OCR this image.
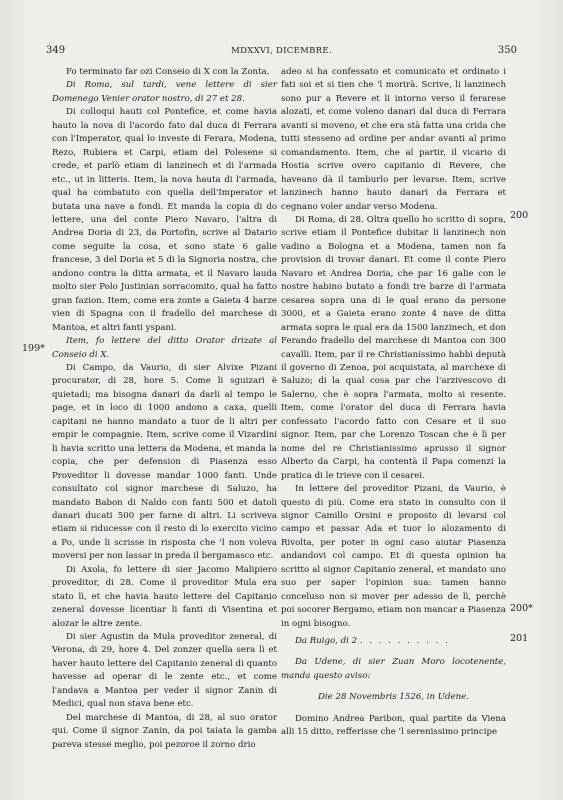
349	MDXXVI, DICEMBRE.	350
199*
200
200*
201

Fo terminato far ozi Conseio di X con la Zonta.

Di Roma, sul tardi, vene lettere di sier Domenego Venier orator nostro, di 27 et 28.

Di colloqui hauti col Pontefice, et come havia hauto la nova di l'acordo fato dal duca di Ferrara con l'Imperator, qual lo investe di Ferara, Modena, Rezo, Rubiera et Carpi, etiam del Polesene si crede, et parlò etiam di lanzinech et di l'armada etc., ut in litteris. Item, la nova hauta di l'armada, qual ha combatuto con quella dell'Imperator et butata una nave a fondi. Et manda la copia di do lettere, una del conte Piero Navaro, l'altra di Andrea Doria di 23, da Portofin, scrive al Datario come seguite la cosa, et sono state 6 galie francese, 3 del Doria et 5 di la Signoria nostra, che andono contra la ditta armata, et il Navaro lauda molto sier Polo Justinian sorracomito, qual ha fatto gran fazion. Item, come era zonte a Gaieta 4 barze vien di Spagna con il fradello del marchese di Mantoa, et altri fanti yspani.

Item, fo lettere del ditto Orator drizate al Conseio di X.

Di Campo, da Vaurio, di sier Alvixe Pizani procurator, di 28, hore 5. Come li sguizari è quietadi; ma bisogna danari da darli al tempo le page, et in loco di 1000 andono a caxa, quelli capitani ne hanno mandato a tuor de li altri per empir le compagnie. Item, scrive come il Vizardini li havia scritto una lettera da Modena, et manda la copia, che per defension di Piasenza esso Proveditor li dovesse mandar 1000 fanti. Unde consultato col signor marchese di Saluzo, ha mandato Babon di Naldo con fanti 500 et datoli danari ducati 500 per farne di altri. Li scriveva etiam si riducesse con il resto di lo exercito vicino a Po, unde li scrisse in risposta che 'l non voleva moversi per non lassar in preda il bergamasco etc.

Di Axola, fo lettere di sier Jacomo Malipiero proveditor, di 28. Come il proveditor Mula era stato lì, et che havia hauto lettere del Capitanio zeneral dovesse licentiar li fanti di Visentina et alozar le altre zente.

Di sier Agustin da Mula proveditor zeneral, di Verona, di 29, hore 4. Del zonzer quella sera lì et haver hauto lettere del Capitanio zeneral di quanto havesse ad operar di le zente etc., et come l'andava a Mantoa per veder il signor Zanin di Medici, qual non stava bene etc.

Del marchese di Mantoa, di 28, al suo orator qui. Come il signor Zanin, da poi taiata la gamba pareva stesse meglio, poi pezoroe il zorno drio

adeo si ha confessato et comunicato et ordinato i fati soi et si tien che 'l morirà. Scrive, li lanzinech sono pur a Revere et li intorno verso il ferarese alozati, et come voleno danari dal duca di Ferrara avanti si moveno, et che era stà fatta una crida che tutti stesseno ad ordine per andar avanti al primo comandamento. Item, che al partir, il vicario di Hostia scrive overo capitanio di Revere, che haveano dà il tamburlo per levarse. Item, scrive lanzinech hanno hauto danari da Ferrara et cegnano voler andar verso Modena.

Di Roma, di 28. Oltra quello ho scritto di sopra, scrive etiam il Pontefice dubitar li lanzinech non vadino a Bologna et a Modena, tamen non fa provision di trovar danari. Et come il conte Piero Navaro et Andrea Doria, che par 16 galie con le nostre habino butato a fondi tre barze di l'armata cesarea sopra una di le qual erano da persone 3000, et a Gaieta erano zonte 4 nave de ditta armata sopra le qual era da 1500 lanzinech, et don Ferando fradello del marchese di Mantoa con 300 cavalli. Item, par il re Christianissimo habbi deputà il governo di Zenoa, poi acquistata, al marchexe di Saluzo; di la qual cosa par che l'arzivescovo di Salerno, che è sopra l'armata, molto si resente. Item, come l'orator del duca di Ferrara havia confessato l'acordo fatto con Cesare et il suo signor. Item, par che Lorenzo Toscan che è lì per nome del re Christianissimo aprusso il signor Alberto da Carpi, ha contentà il Papa comenzi la pratica di le trieve con il cesarei.

In lettere del proveditor Pizani, da Vaurio, è questo di più. Come era stato in consulto con il signor Camillo Orsini e proposto di levarsi col campo et passar Ada et tuor lo alozamento di Rivolta, per poter in ogni caso aiutar Piasenza andandovi col campo. Et di questa opinion ha scritto al signor Capitanio zeneral, et mandato uno suo per saper l'opinion sua: tamen hanno conceluso non si mover per adesso de lì, perchè poi socorer Bergamo, etiam non mancar a Piasenza in ogni bisogno.

Da Ruigo, di 2 . . . . . . . . . .

Da Udene, di sier Zuan Moro locotenente, manda questo aviso:

Die 28 Novembris 1526, in Udene.

Domino Andrea Paribon, qual partite da Viena alli 15 ditto, refferisse che 'l serenissimo principe
